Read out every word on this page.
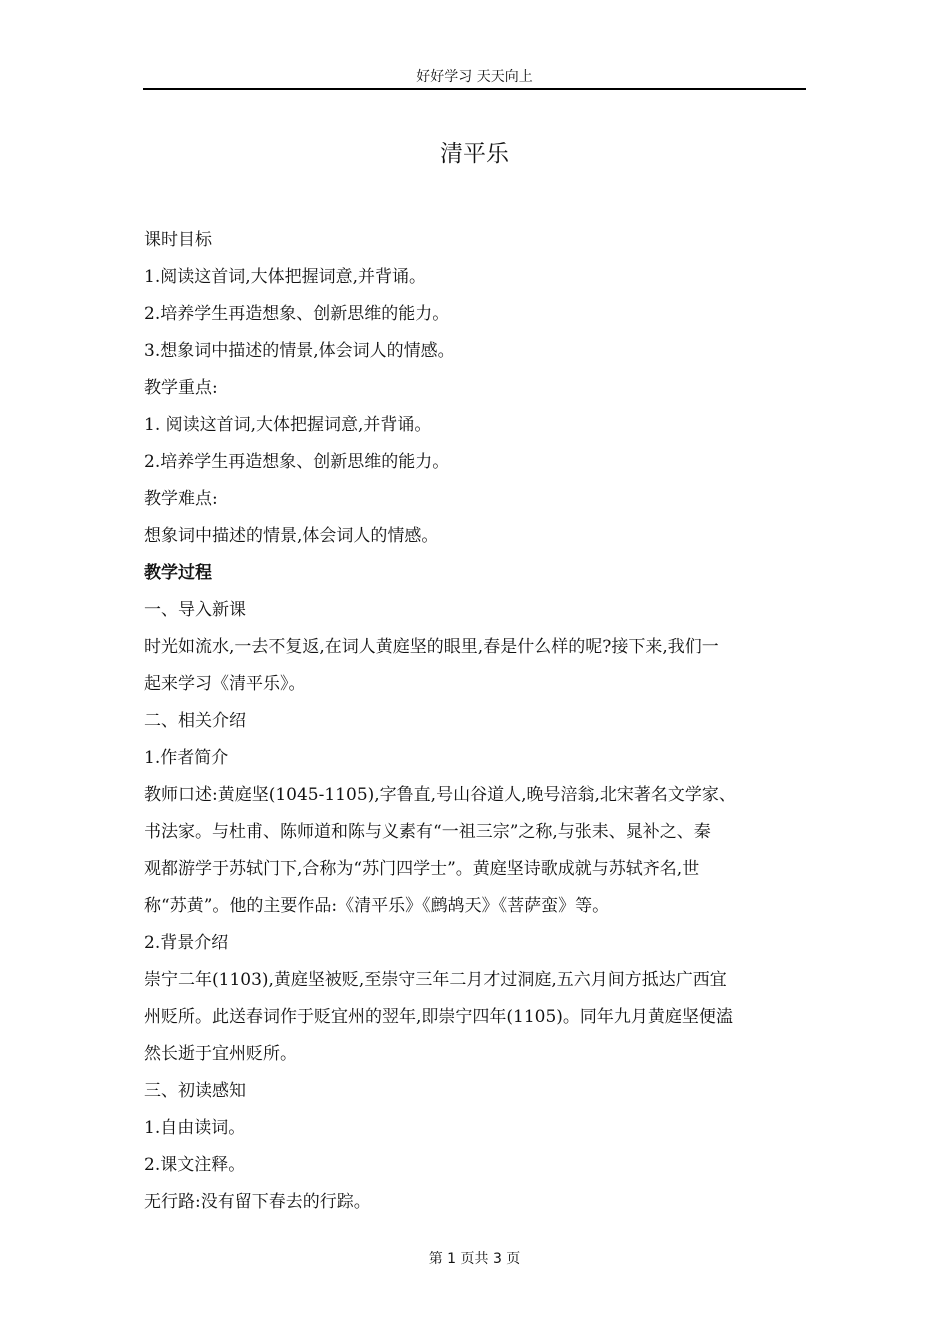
好好学习 天天向上
清平乐
课时目标
1.阅读这首词,大体把握词意,并背诵。
2.培养学生再造想象、创新思维的能力。
3.想象词中描述的情景,体会词人的情感。
教学重点:
1. 阅读这首词,大体把握词意,并背诵。
2.培养学生再造想象、创新思维的能力。
教学难点:
想象词中描述的情景,体会词人的情感。
教学过程
一、导入新课
时光如流水,一去不复返,在词人黄庭坚的眼里,春是什么样的呢?接下来,我们一
起来学习《清平乐》。
二、相关介绍
1.作者简介
教师口述:黄庭坚(1045-1105),字鲁直,号山谷道人,晚号涪翁,北宋著名文学家、
书法家。与杜甫、陈师道和陈与义素有“一祖三宗”之称,与张耒、晁补之、秦
观都游学于苏轼门下,合称为“苏门四学士”。黄庭坚诗歌成就与苏轼齐名,世
称“苏黄”。他的主要作品:《清平乐》《鹧鸪天》《菩萨蛮》等。
2.背景介绍
崇宁二年(1103),黄庭坚被贬,至崇守三年二月才过洞庭,五六月间方抵达广西宜
州贬所。此送春词作于贬宜州的翌年,即崇宁四年(1105)。同年九月黄庭坚便溘
然长逝于宜州贬所。
三、初读感知
1.自由读词。
2.课文注释。
无行路:没有留下春去的行踪。
第 1 页共 3 页
